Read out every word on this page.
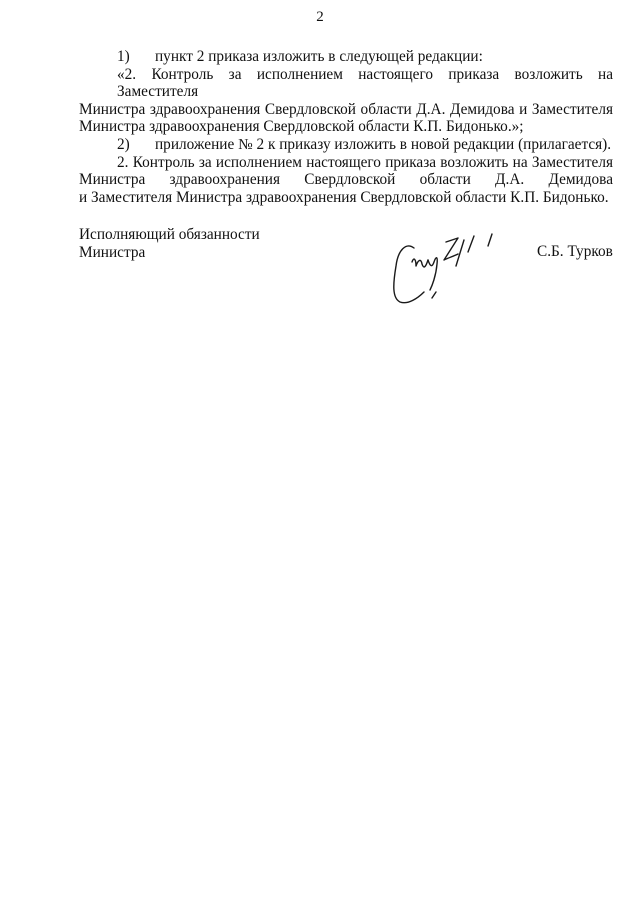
2

1) пункт 2 приказа изложить в следующей редакции:

«2. Контроль за исполнением настоящего приказа возложить на Заместителя
Министра здравоохранения Свердловской области Д.А. Демидова и Заместителя
Министра здравоохранения Свердловской области К.П. Бидонько.»;

2) приложение № 2 к приказу изложить в новой редакции (прилагается).

2. Контроль за исполнением настоящего приказа возложить на Заместителя
Министра здравоохранения Свердловской области Д.А. Демидова
и Заместителя Министра здравоохранения Свердловской области К.П. Бидонько.
Исполняющий обязанности
Министра	С.Б. Турков
